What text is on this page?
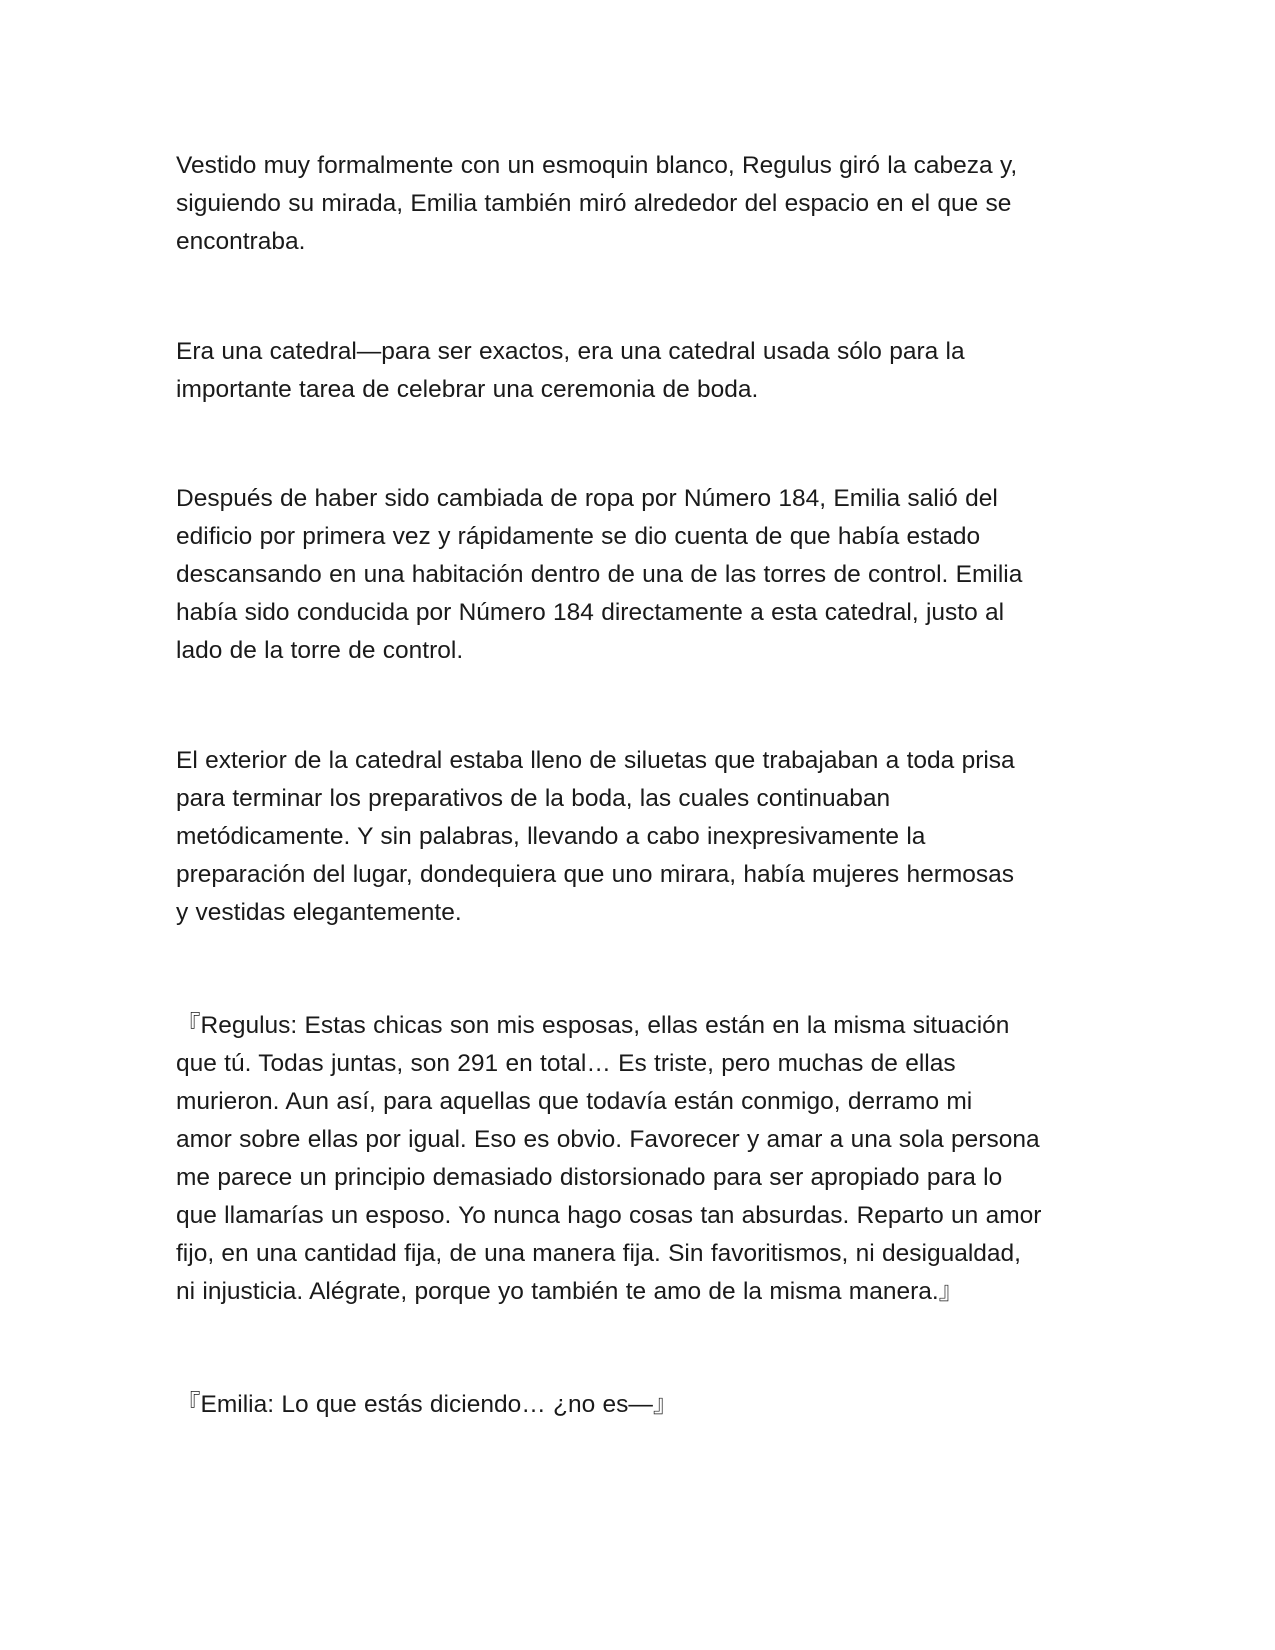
Vestido muy formalmente con un esmoquin blanco, Regulus giró la cabeza y,
siguiendo su mirada, Emilia también miró alrededor del espacio en el que se
encontraba.

Era una catedral—para ser exactos, era una catedral usada sólo para la
importante tarea de celebrar una ceremonia de boda.

Después de haber sido cambiada de ropa por Número 184, Emilia salió del
edificio por primera vez y rápidamente se dio cuenta de que había estado
descansando en una habitación dentro de una de las torres de control. Emilia
había sido conducida por Número 184 directamente a esta catedral, justo al
lado de la torre de control.

El exterior de la catedral estaba lleno de siluetas que trabajaban a toda prisa
para terminar los preparativos de la boda, las cuales continuaban
metódicamente. Y sin palabras, llevando a cabo inexpresivamente la
preparación del lugar, dondequiera que uno mirara, había mujeres hermosas
y vestidas elegantemente.

『Regulus: Estas chicas son mis esposas, ellas están en la misma situación
que tú. Todas juntas, son 291 en total… Es triste, pero muchas de ellas
murieron. Aun así, para aquellas que todavía están conmigo, derramo mi
amor sobre ellas por igual. Eso es obvio. Favorecer y amar a una sola persona
me parece un principio demasiado distorsionado para ser apropiado para lo
que llamarías un esposo. Yo nunca hago cosas tan absurdas. Reparto un amor
fijo, en una cantidad fija, de una manera fija. Sin favoritismos, ni desigualdad,
ni injusticia. Alégrate, porque yo también te amo de la misma manera.』

『Emilia: Lo que estás diciendo… ¿no es—』
